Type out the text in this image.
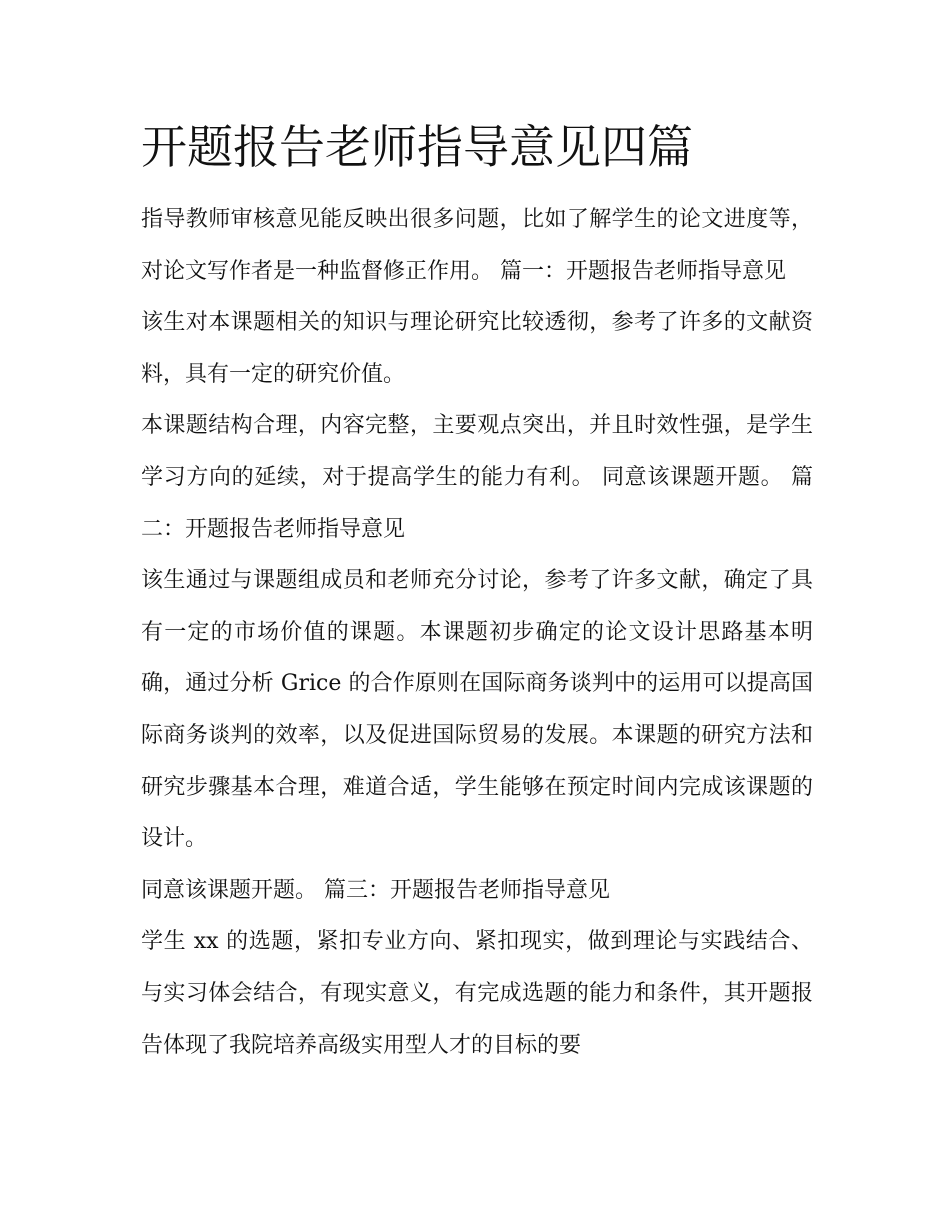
开题报告老师指导意见四篇

指导教师审核意见能反映出很多问题，比如了解学生的论文进度等，对论文写作者是一种监督修正作用。 篇一：开题报告老师指导意见

该生对本课题相关的知识与理论研究比较透彻，参考了许多的文献资料，具有一定的研究价值。

本课题结构合理，内容完整，主要观点突出，并且时效性强，是学生学习方向的延续，对于提高学生的能力有利。 同意该课题开题。 篇二：开题报告老师指导意见

该生通过与课题组成员和老师充分讨论，参考了许多文献，确定了具有一定的市场价值的课题。本课题初步确定的论文设计思路基本明确，通过分析 Grice 的合作原则在国际商务谈判中的运用可以提高国际商务谈判的效率，以及促进国际贸易的发展。本课题的研究方法和研究步骤基本合理，难道合适，学生能够在预定时间内完成该课题的设计。

同意该课题开题。 篇三：开题报告老师指导意见

学生 xx 的选题，紧扣专业方向、紧扣现实，做到理论与实践结合、与实习体会结合，有现实意义，有完成选题的能力和条件，其开题报告体现了我院培养高级实用型人才的目标的要
